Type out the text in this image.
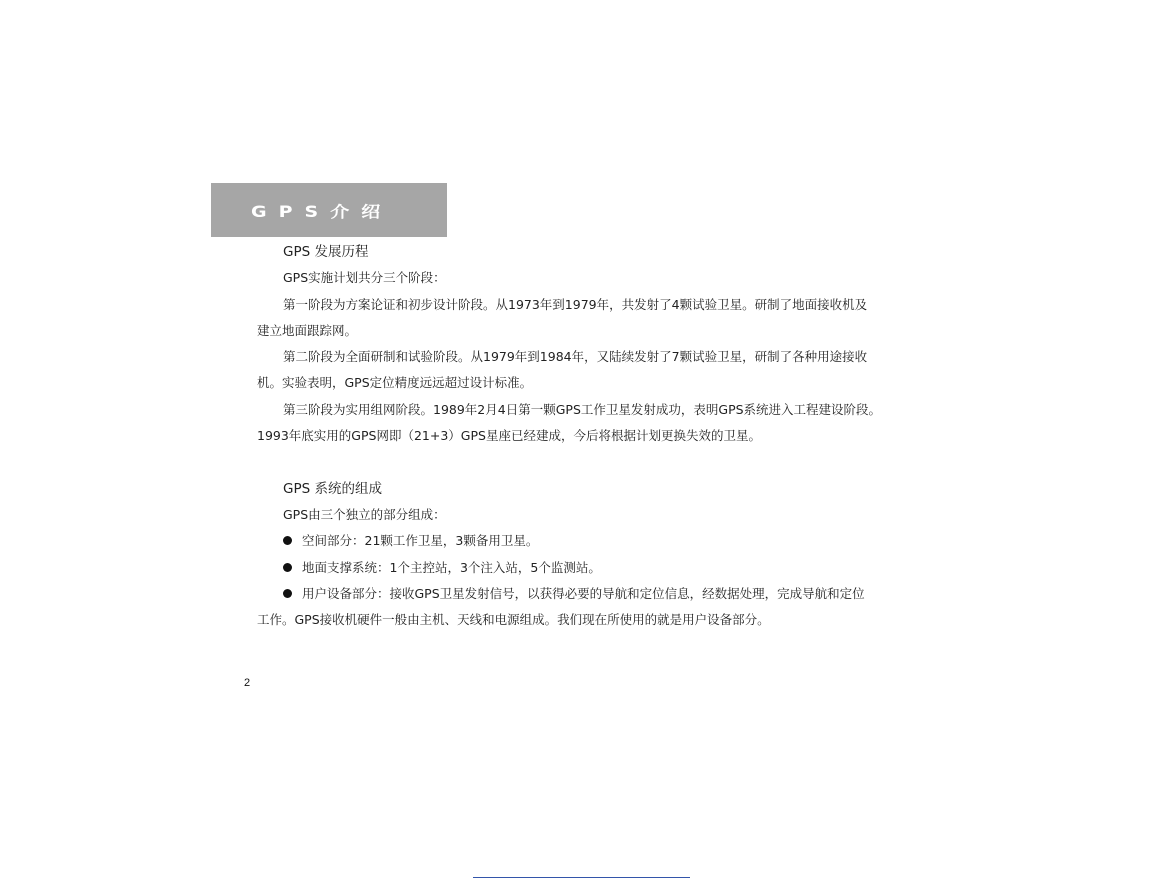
GPS介绍
GPS 发展历程
GPS实施计划共分三个阶段：
第一阶段为方案论证和初步设计阶段。从1973年到1979年，共发射了4颗试验卫星。研制了地面接收机及
建立地面跟踪网。
第二阶段为全面研制和试验阶段。从1979年到1984年，又陆续发射了7颗试验卫星，研制了各种用途接收
机。实验表明，GPS定位精度远远超过设计标准。
第三阶段为实用组网阶段。1989年2月4日第一颗GPS工作卫星发射成功，表明GPS系统进入工程建设阶段。
1993年底实用的GPS网即（21+3）GPS星座已经建成，今后将根据计划更换失效的卫星。
GPS 系统的组成
GPS由三个独立的部分组成：
空间部分：21颗工作卫星，3颗备用卫星。
地面支撑系统：1个主控站，3个注入站，5个监测站。
用户设备部分：接收GPS卫星发射信号，以获得必要的导航和定位信息，经数据处理，完成导航和定位
工作。GPS接收机硬件一般由主机、天线和电源组成。我们现在所使用的就是用户设备部分。
2
